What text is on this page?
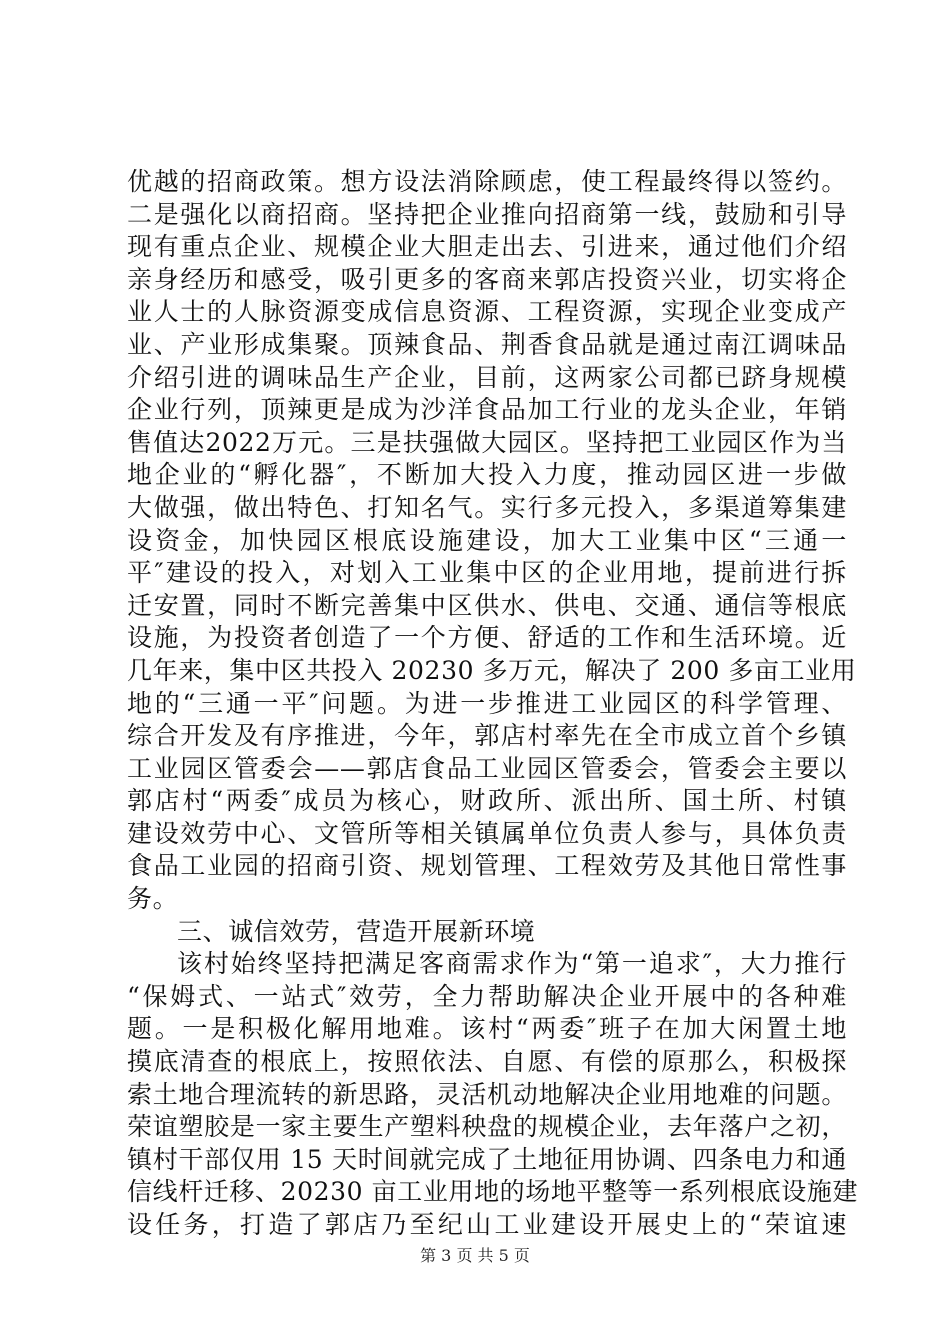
优越的招商政策。想方设法消除顾虑，使工程最终得以签约。
二是强化以商招商。坚持把企业推向招商第一线，鼓励和引导
现有重点企业、规模企业大胆走出去、引进来，通过他们介绍
亲身经历和感受，吸引更多的客商来郭店投资兴业，切实将企
业人士的人脉资源变成信息资源、工程资源，实现企业变成产
业、产业形成集聚。顶辣食品、荆香食品就是通过南江调味品
介绍引进的调味品生产企业，目前，这两家公司都已跻身规模
企业行列，顶辣更是成为沙洋食品加工行业的龙头企业，年销
售值达2022万元。三是扶强做大园区。坚持把工业园区作为当
地企业的“孵化器″，不断加大投入力度，推动园区进一步做
大做强，做出特色、打知名气。实行多元投入，多渠道筹集建
设资金，加快园区根底设施建设，加大工业集中区“三通一
平″建设的投入，对划入工业集中区的企业用地，提前进行拆
迁安置，同时不断完善集中区供水、供电、交通、通信等根底
设施，为投资者创造了一个方便、舒适的工作和生活环境。近
几年来，集中区共投入 20230 多万元，解决了 200 多亩工业用
地的“三通一平″问题。为进一步推进工业园区的科学管理、
综合开发及有序推进，今年，郭店村率先在全市成立首个乡镇
工业园区管委会——郭店食品工业园区管委会，管委会主要以
郭店村“两委″成员为核心，财政所、派出所、国土所、村镇
建设效劳中心、文管所等相关镇属单位负责人参与，具体负责
食品工业园的招商引资、规划管理、工程效劳及其他日常性事
务。
三、诚信效劳，营造开展新环境
该村始终坚持把满足客商需求作为“第一追求″，大力推行
“保姆式、一站式″效劳，全力帮助解决企业开展中的各种难
题。一是积极化解用地难。该村“两委″班子在加大闲置土地
摸底清查的根底上，按照依法、自愿、有偿的原那么，积极探
索土地合理流转的新思路，灵活机动地解决企业用地难的问题。
荣谊塑胶是一家主要生产塑料秧盘的规模企业，去年落户之初，
镇村干部仅用 15 天时间就完成了土地征用协调、四条电力和通
信线杆迁移、20230 亩工业用地的场地平整等一系列根底设施建
设任务，打造了郭店乃至纪山工业建设开展史上的“荣谊速
第 3 页 共 5 页
